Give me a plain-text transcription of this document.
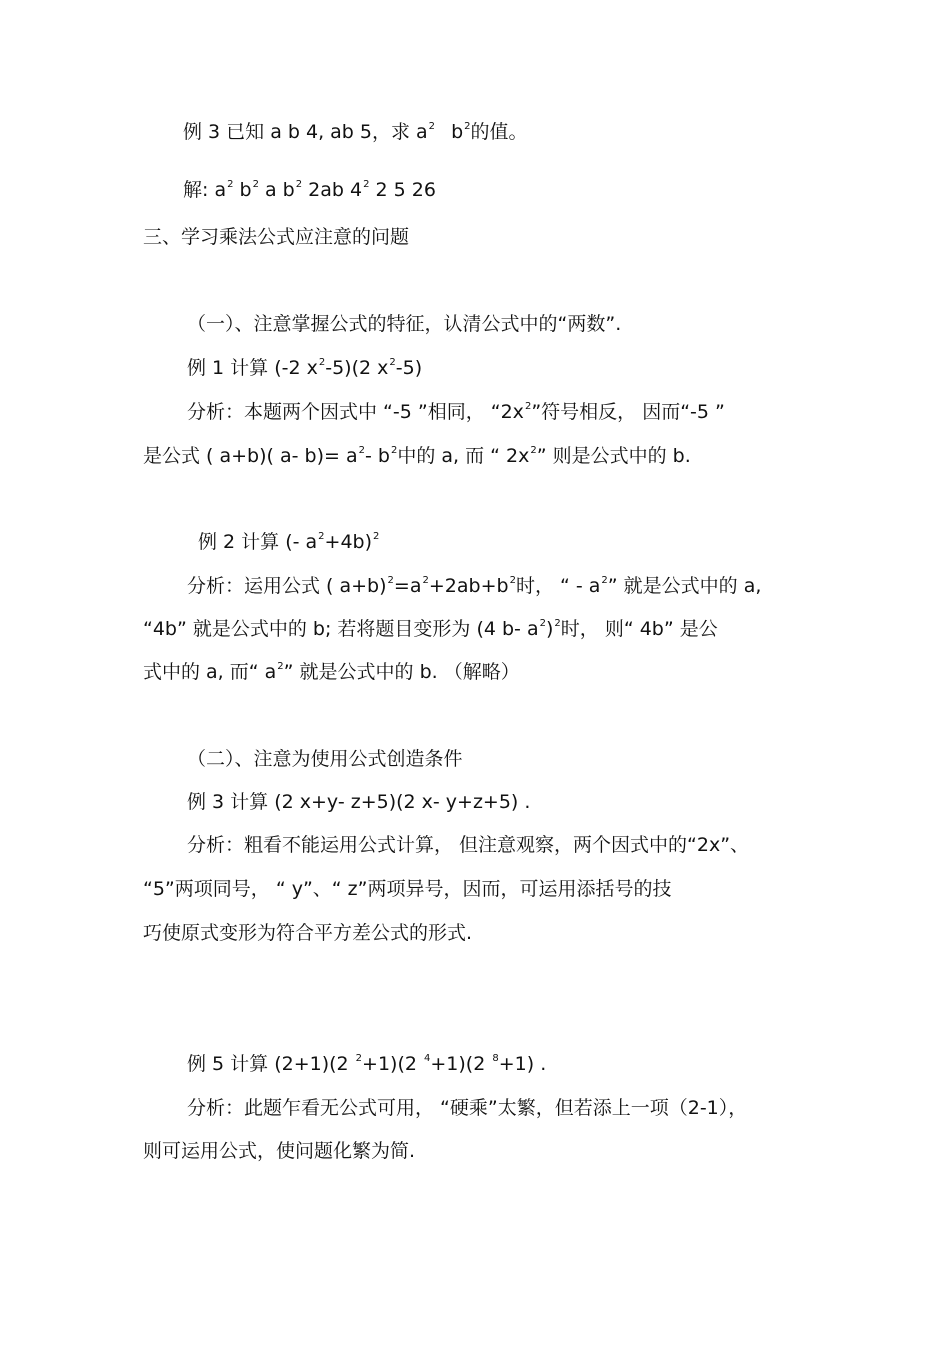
例 3 已知 a b 4, ab 5，求 $a^2$ $b^2$的值。
解: $a^2$ $b^2$ a $b^2$ 2ab $4^2$ 2 5 26
三、学习乘法公式应注意的问题
（一）、注意掌握公式的特征，认清公式中的“两数”.
例 1 计算 (-2 $x^2-5)(2$ $x^2-5$)
分析：本题两个因式中 “-5 ”相同， “$2x^2$”符号相反， 因而“-5 ”
是公式 ( a+b)( a- $b)= a^2-$ $b^2$中的 a, 而 “ $2x^2$” 则是公式中的 b.
例 2 计算 (- $a^2+4b)^2$
分析：运用公式 ( $a+b)^2=a^2+2ab+b^2$时， “ - $a^2$” 就是公式中的 a,
“4b” 就是公式中的 b; 若将题目变形为 (4 b- $a^2)^2$时， 则“ 4b” 是公
式中的 a, 而“ $a^2$” 就是公式中的 b. （解略）
（二）、注意为使用公式创造条件
例 3 计算 (2 x+y- z+5)(2 x- y+z+5) .
分析：粗看不能运用公式计算， 但注意观察，两个因式中的“2x”、
“5”两项同号， “ y”、“ z”两项异号，因而，可运用添括号的技
巧使原式变形为符合平方差公式的形式.
例 5 计算 (2+1)(2 $^2$+1)(2 $^4$+1)(2 $^8$+1) .
分析：此题乍看无公式可用， “硬乘”太繁，但若添上一项（2-1），
则可运用公式，使问题化繁为简.
